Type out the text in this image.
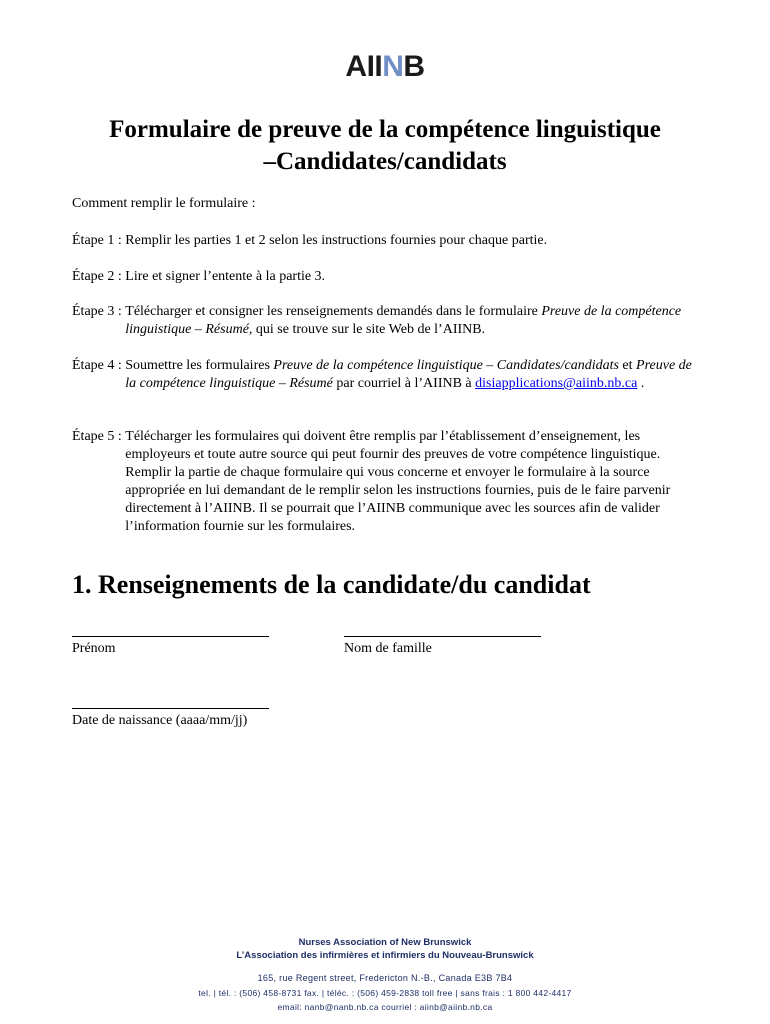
AIINB
Formulaire de preuve de la compétence linguistique
–Candidates/candidats
Comment remplir le formulaire :
Étape 1 : Remplir les parties 1 et 2 selon les instructions fournies pour chaque partie.
Étape 2 : Lire et signer l’entente à la partie 3.
Étape 3 : Télécharger et consigner les renseignements demandés dans le formulaire Preuve de la compétence linguistique – Résumé, qui se trouve sur le site Web de l’AIINB.
Étape 4 : Soumettre les formulaires Preuve de la compétence linguistique – Candidates/candidats et Preuve de la compétence linguistique – Résumé par courriel à l’AIINB à disiapplications@aiinb.nb.ca .
Étape 5 : Télécharger les formulaires qui doivent être remplis par l’établissement d’enseignement, les employeurs et toute autre source qui peut fournir des preuves de votre compétence linguistique. Remplir la partie de chaque formulaire qui vous concerne et envoyer le formulaire à la source appropriée en lui demandant de le remplir selon les instructions fournies, puis de le faire parvenir directement à l’AIINB. Il se pourrait que l’AIINB communique avec les sources afin de valider l’information fournie sur les formulaires.
1. Renseignements de la candidate/du candidat
Prénom	Nom de famille
Date de naissance (aaaa/mm/jj)
Nurses Association of New Brunswick
L’Association des infirmières et infirmiers du Nouveau-Brunswick
165, rue Regent street, Fredericton N.-B., Canada E3B 7B4
tel. | tél. : (506) 458-8731 fax. | téléc. : (506) 459-2838 toll free | sans frais : 1 800 442-4417
email: nanb@nanb.nb.ca courriel : aiinb@aiinb.nb.ca
